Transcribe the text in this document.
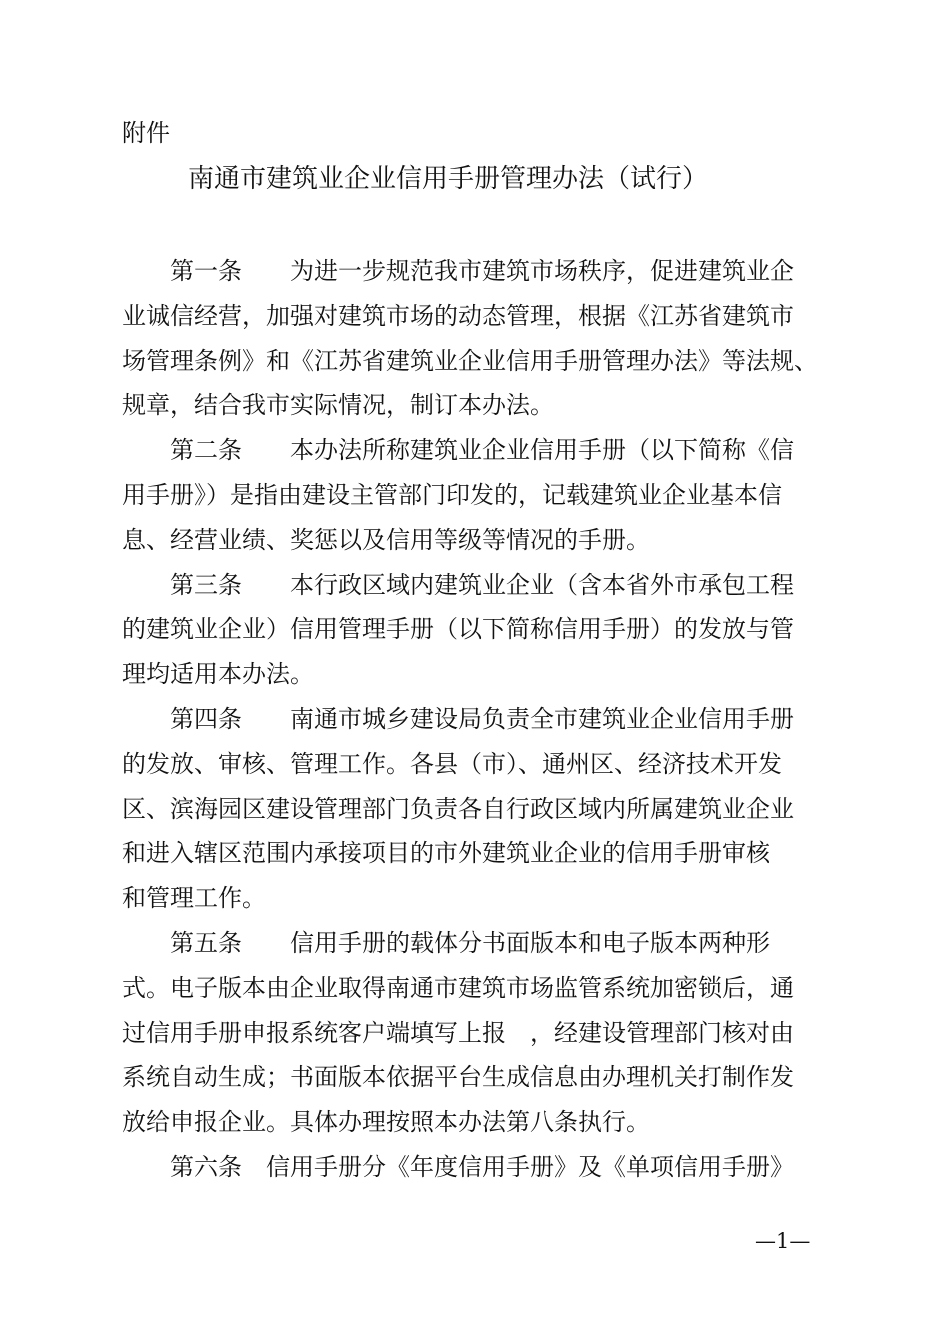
附件
南通市建筑业企业信用手册管理办法（试行）
　　第一条　　为进一步规范我市建筑市场秩序，促进建筑业企
业诚信经营，加强对建筑市场的动态管理，根据《江苏省建筑市
场管理条例》和《江苏省建筑业企业信用手册管理办法》等法规、
规章，结合我市实际情况，制订本办法。
　　第二条　　本办法所称建筑业企业信用手册（以下简称《信
用手册》）是指由建设主管部门印发的，记载建筑业企业基本信
息、经营业绩、奖惩以及信用等级等情况的手册。
　　第三条　　本行政区域内建筑业企业（含本省外市承包工程
的建筑业企业）信用管理手册（以下简称信用手册）的发放与管
理均适用本办法。
　　第四条　　南通市城乡建设局负责全市建筑业企业信用手册
的发放、审核、管理工作。各县（市）、通州区、经济技术开发
区、滨海园区建设管理部门负责各自行政区域内所属建筑业企业
和进入辖区范围内承接项目的市外建筑业企业的信用手册审核
和管理工作。
　　第五条　　信用手册的载体分书面版本和电子版本两种形
式。电子版本由企业取得南通市建筑市场监管系统加密锁后，通
过信用手册申报系统客户端填写上报　，经建设管理部门核对由
系统自动生成；书面版本依据平台生成信息由办理机关打制作发
放给申报企业。具体办理按照本办法第八条执行。
　　第六条　信用手册分《年度信用手册》及《单项信用手册》
—1—
